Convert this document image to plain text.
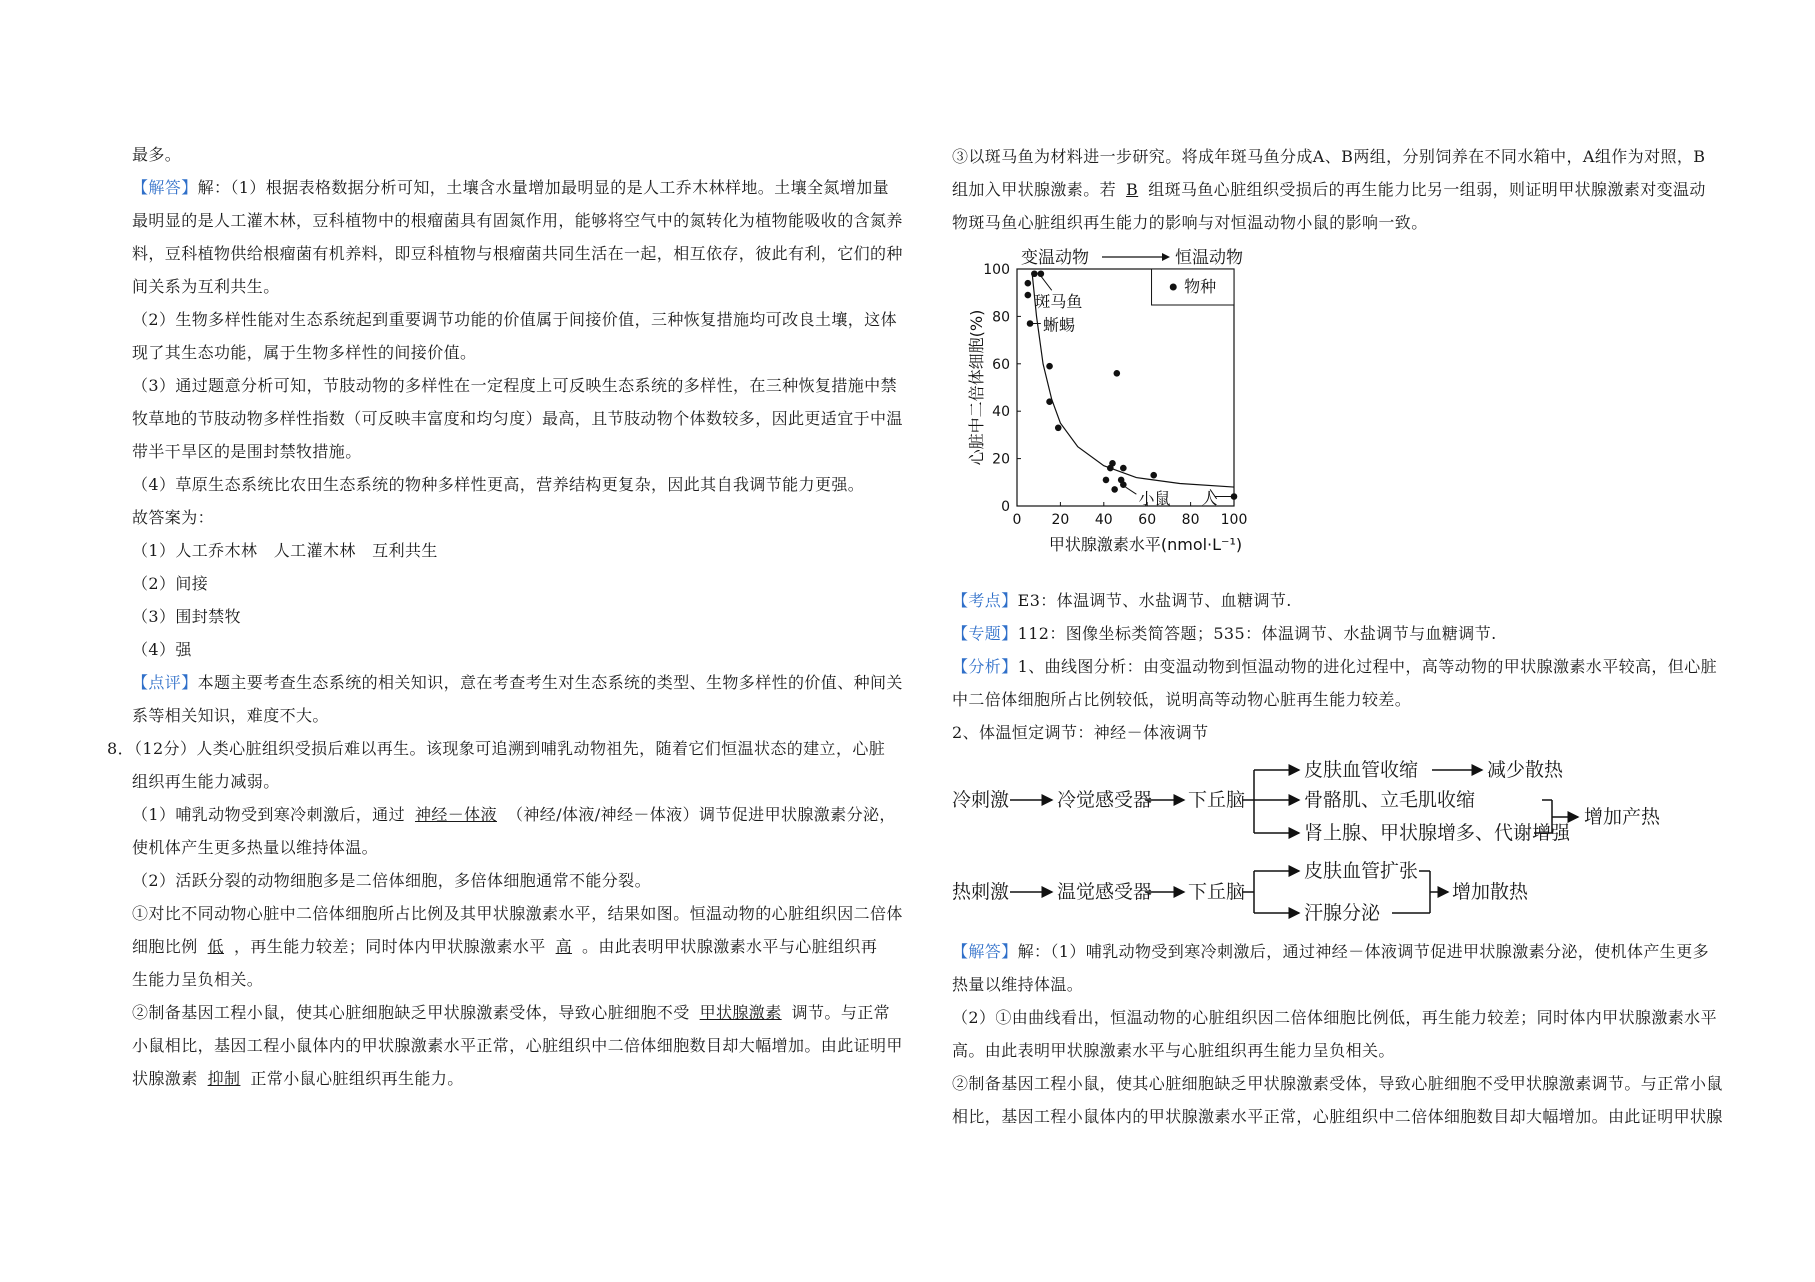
最多。
【解答】解：（1）根据表格数据分析可知，土壤含水量增加最明显的是人工乔木林样地。土壤全氮增加量
最明显的是人工灌木林，豆科植物中的根瘤菌具有固氮作用，能够将空气中的氮转化为植物能吸收的含氮养
料，豆科植物供给根瘤菌有机养料，即豆科植物与根瘤菌共同生活在一起，相互依存，彼此有利，它们的种
间关系为互利共生。
（2）生物多样性能对生态系统起到重要调节功能的价值属于间接价值，三种恢复措施均可改良土壤，这体
现了其生态功能，属于生物多样性的间接价值。
（3）通过题意分析可知，节肢动物的多样性在一定程度上可反映生态系统的多样性，在三种恢复措施中禁
牧草地的节肢动物多样性指数（可反映丰富度和均匀度）最高，且节肢动物个体数较多，因此更适宜于中温
带半干旱区的是围封禁牧措施。
（4）草原生态系统比农田生态系统的物种多样性更高，营养结构更复杂，因此其自我调节能力更强。
故答案为：
（1）人工乔木林　人工灌木林　互利共生
（2）间接
（3）围封禁牧
（4）强
【点评】本题主要考查生态系统的相关知识，意在考查考生对生态系统的类型、生物多样性的价值、种间关
系等相关知识，难度不大。
8．（12分）人类心脏组织受损后难以再生。该现象可追溯到哺乳动物祖先，随着它们恒温状态的建立，心脏
组织再生能力减弱。
（1）哺乳动物受到寒冷刺激后，通过 神经－体液 （神经/体液/神经－体液）调节促进甲状腺激素分泌，
使机体产生更多热量以维持体温。
（2）活跃分裂的动物细胞多是二倍体细胞，多倍体细胞通常不能分裂。
①对比不同动物心脏中二倍体细胞所占比例及其甲状腺激素水平，结果如图。恒温动物的心脏组织因二倍体
细胞比例 低 ，再生能力较差；同时体内甲状腺激素水平 高 。由此表明甲状腺激素水平与心脏组织再
生能力呈负相关。
②制备基因工程小鼠，使其心脏细胞缺乏甲状腺激素受体，导致心脏细胞不受 甲状腺激素 调节。与正常
小鼠相比，基因工程小鼠体内的甲状腺激素水平正常，心脏组织中二倍体细胞数目却大幅增加。由此证明甲
状腺激素 抑制 正常小鼠心脏组织再生能力。
③以斑马鱼为材料进一步研究。将成年斑马鱼分成A、B两组，分别饲养在不同水箱中，A组作为对照，B
组加入甲状腺激素。若 B 组斑马鱼心脏组织受损后的再生能力比另一组弱，则证明甲状腺激素对变温动
物斑马鱼心脏组织再生能力的影响与对恒温动物小鼠的影响一致。
0 20 40 60 80 100
0
20
40
60
80
100
甲状腺激素水平(nmol·L⁻¹)
心脏中二倍体细胞(%)
变温动物	恒温动物
物种
斑马鱼
蜥蜴
小鼠 人
【考点】E3：体温调节、水盐调节、血糖调节.
【专题】112：图像坐标类简答题；535：体温调节、水盐调节与血糖调节.
【分析】1、曲线图分析：由变温动物到恒温动物的进化过程中，高等动物的甲状腺激素水平较高，但心脏
中二倍体细胞所占比例较低，说明高等动物心脏再生能力较差。
2、体温恒定调节：神经－体液调节
冷刺激	冷觉感受器 下丘脑
皮肤血管收缩	减少散热
骨骼肌、立毛肌收缩
肾上腺、甲状腺增多、代谢增强
增加产热
热刺激	温觉感受器 下丘脑
皮肤血管扩张
汗腺分泌
增加散热
【解答】解：（1）哺乳动物受到寒冷刺激后，通过神经－体液调节促进甲状腺激素分泌，使机体产生更多
热量以维持体温。
（2）①由曲线看出，恒温动物的心脏组织因二倍体细胞比例低，再生能力较差；同时体内甲状腺激素水平
高。由此表明甲状腺激素水平与心脏组织再生能力呈负相关。
②制备基因工程小鼠，使其心脏细胞缺乏甲状腺激素受体，导致心脏细胞不受甲状腺激素调节。与正常小鼠
相比，基因工程小鼠体内的甲状腺激素水平正常，心脏组织中二倍体细胞数目却大幅增加。由此证明甲状腺
